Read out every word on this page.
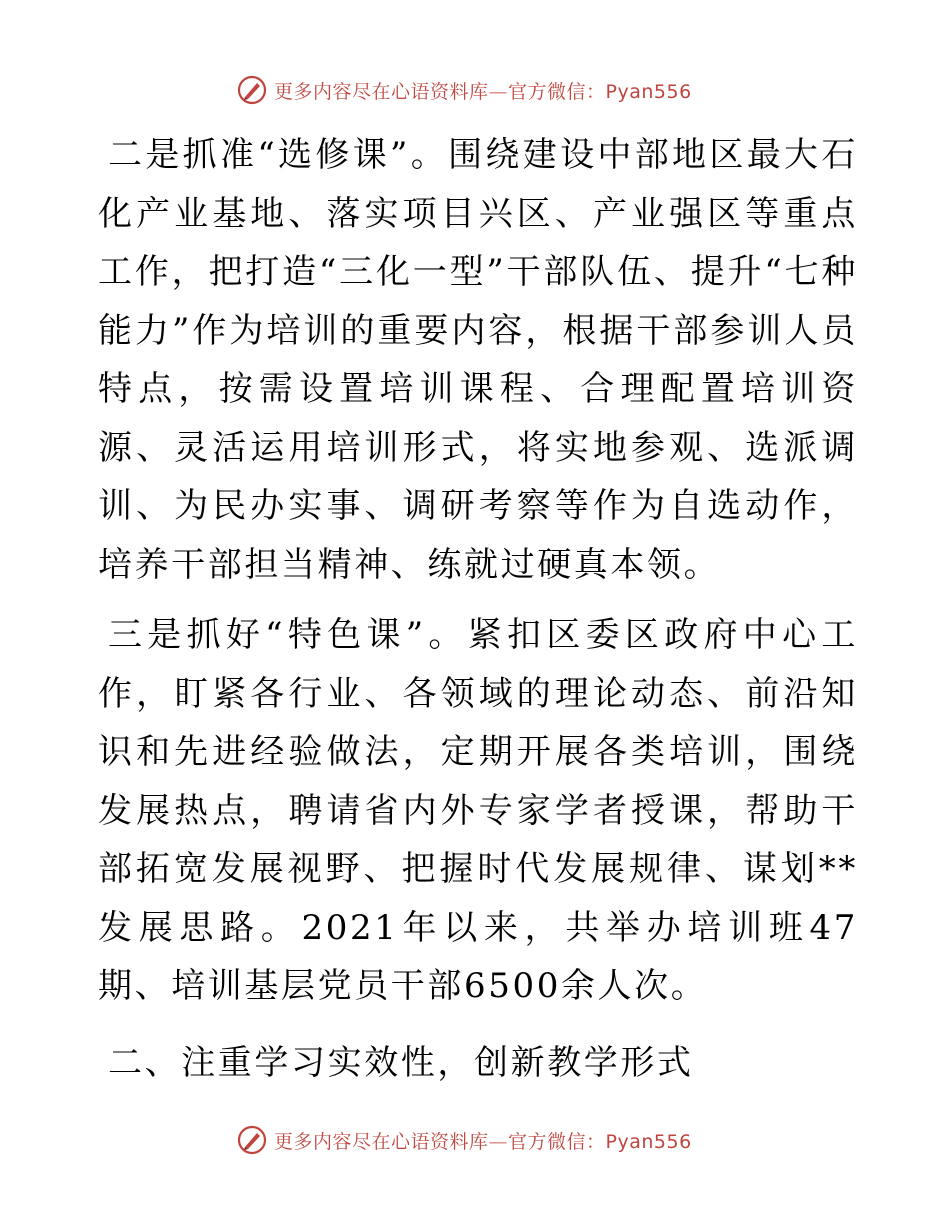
更多内容尽在心语资料库—官方微信：Pyan556

二是抓准“选修课”。围绕建设中部地区最大石化产业基地、落实项目兴区、产业强区等重点工作，把打造“三化一型”干部队伍、提升“七种能力”作为培训的重要内容，根据干部参训人员特点，按需设置培训课程、合理配置培训资源、灵活运用培训形式，将实地参观、选派调训、为民办实事、调研考察等作为自选动作，培养干部担当精神、练就过硬真本领。

三是抓好“特色课”。紧扣区委区政府中心工作，盯紧各行业、各领域的理论动态、前沿知识和先进经验做法，定期开展各类培训，围绕发展热点，聘请省内外专家学者授课，帮助干部拓宽发展视野、把握时代发展规律、谋划**发展思路。2021年以来，共举办培训班47期、培训基层党员干部6500余人次。

二、注重学习实效性，创新教学形式

更多内容尽在心语资料库—官方微信：Pyan556
